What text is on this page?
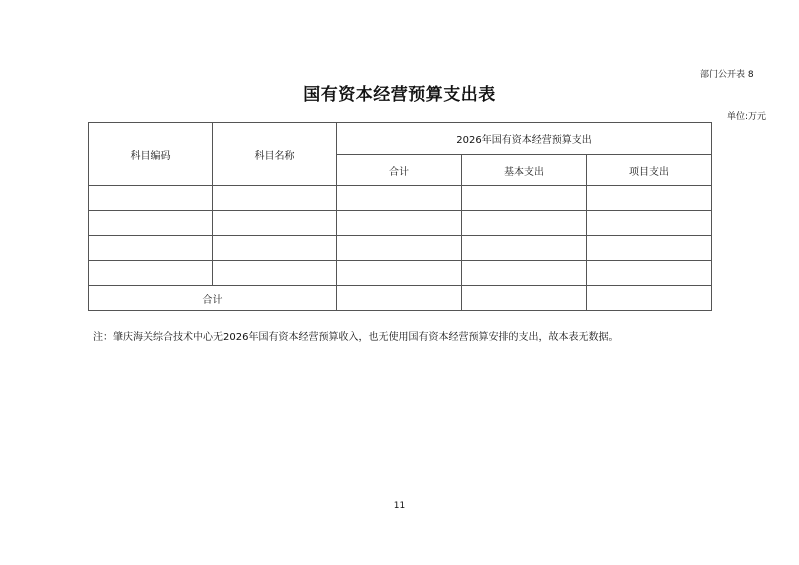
部门公开表 8
国有资本经营预算支出表
单位:万元
科目编码	科目名称	2026年国有资本经营预算支出		
		合计	基本支出	项目支出

合计				
注：肇庆海关综合技术中心无2026年国有资本经营预算收入，也无使用国有资本经营预算安排的支出，故本表无数据。
11
